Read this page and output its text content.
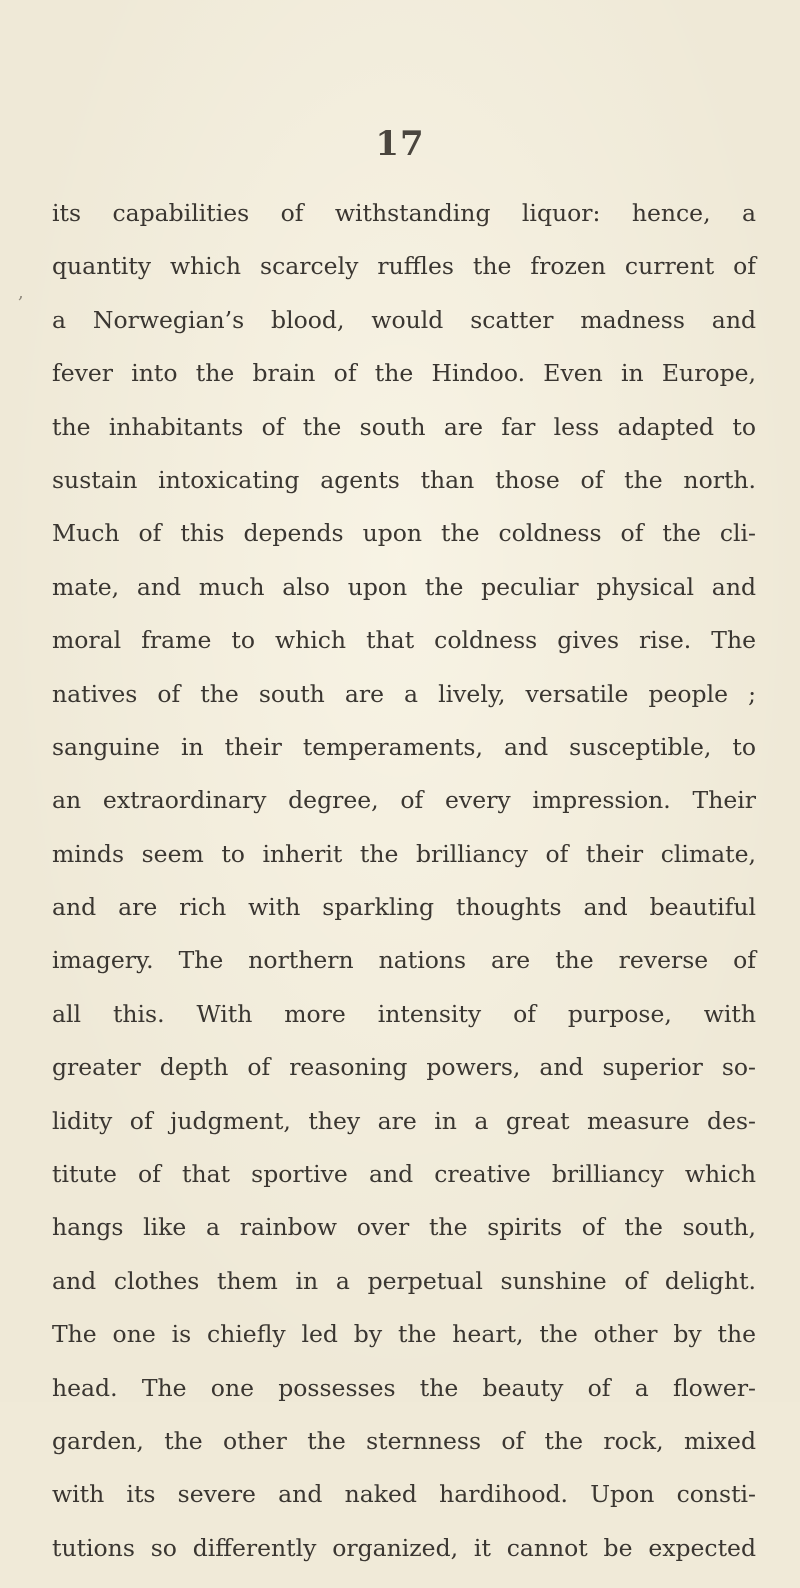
,
17
its capabilities of withstanding liquor: hence, a
quantity which scarcely ruffles the frozen current of
a Norwegian’s blood, would scatter madness and
fever into the brain of the Hindoo. Even in Europe,
the inhabitants of the south are far less adapted to
sustain intoxicating agents than those of the north.
Much of this depends upon the coldness of the cli-
mate, and much also upon the peculiar physical and
moral frame to which that coldness gives rise. The
natives of the south are a lively, versatile people ;
sanguine in their temperaments, and susceptible, to
an extraordinary degree, of every impression. Their
minds seem to inherit the brilliancy of their climate,
and are rich with sparkling thoughts and beautiful
imagery. The northern nations are the reverse of
all this. With more intensity of purpose, with
greater depth of reasoning powers, and superior so-
lidity of judgment, they are in a great measure des-
titute of that sportive and creative brilliancy which
hangs like a rainbow over the spirits of the south,
and clothes them in a perpetual sunshine of delight.
The one is chiefly led by the heart, the other by the
head. The one possesses the beauty of a flower-
garden, the other the sternness of the rock, mixed
with its severe and naked hardihood. Upon consti-
tutions so differently organized, it cannot be expected
